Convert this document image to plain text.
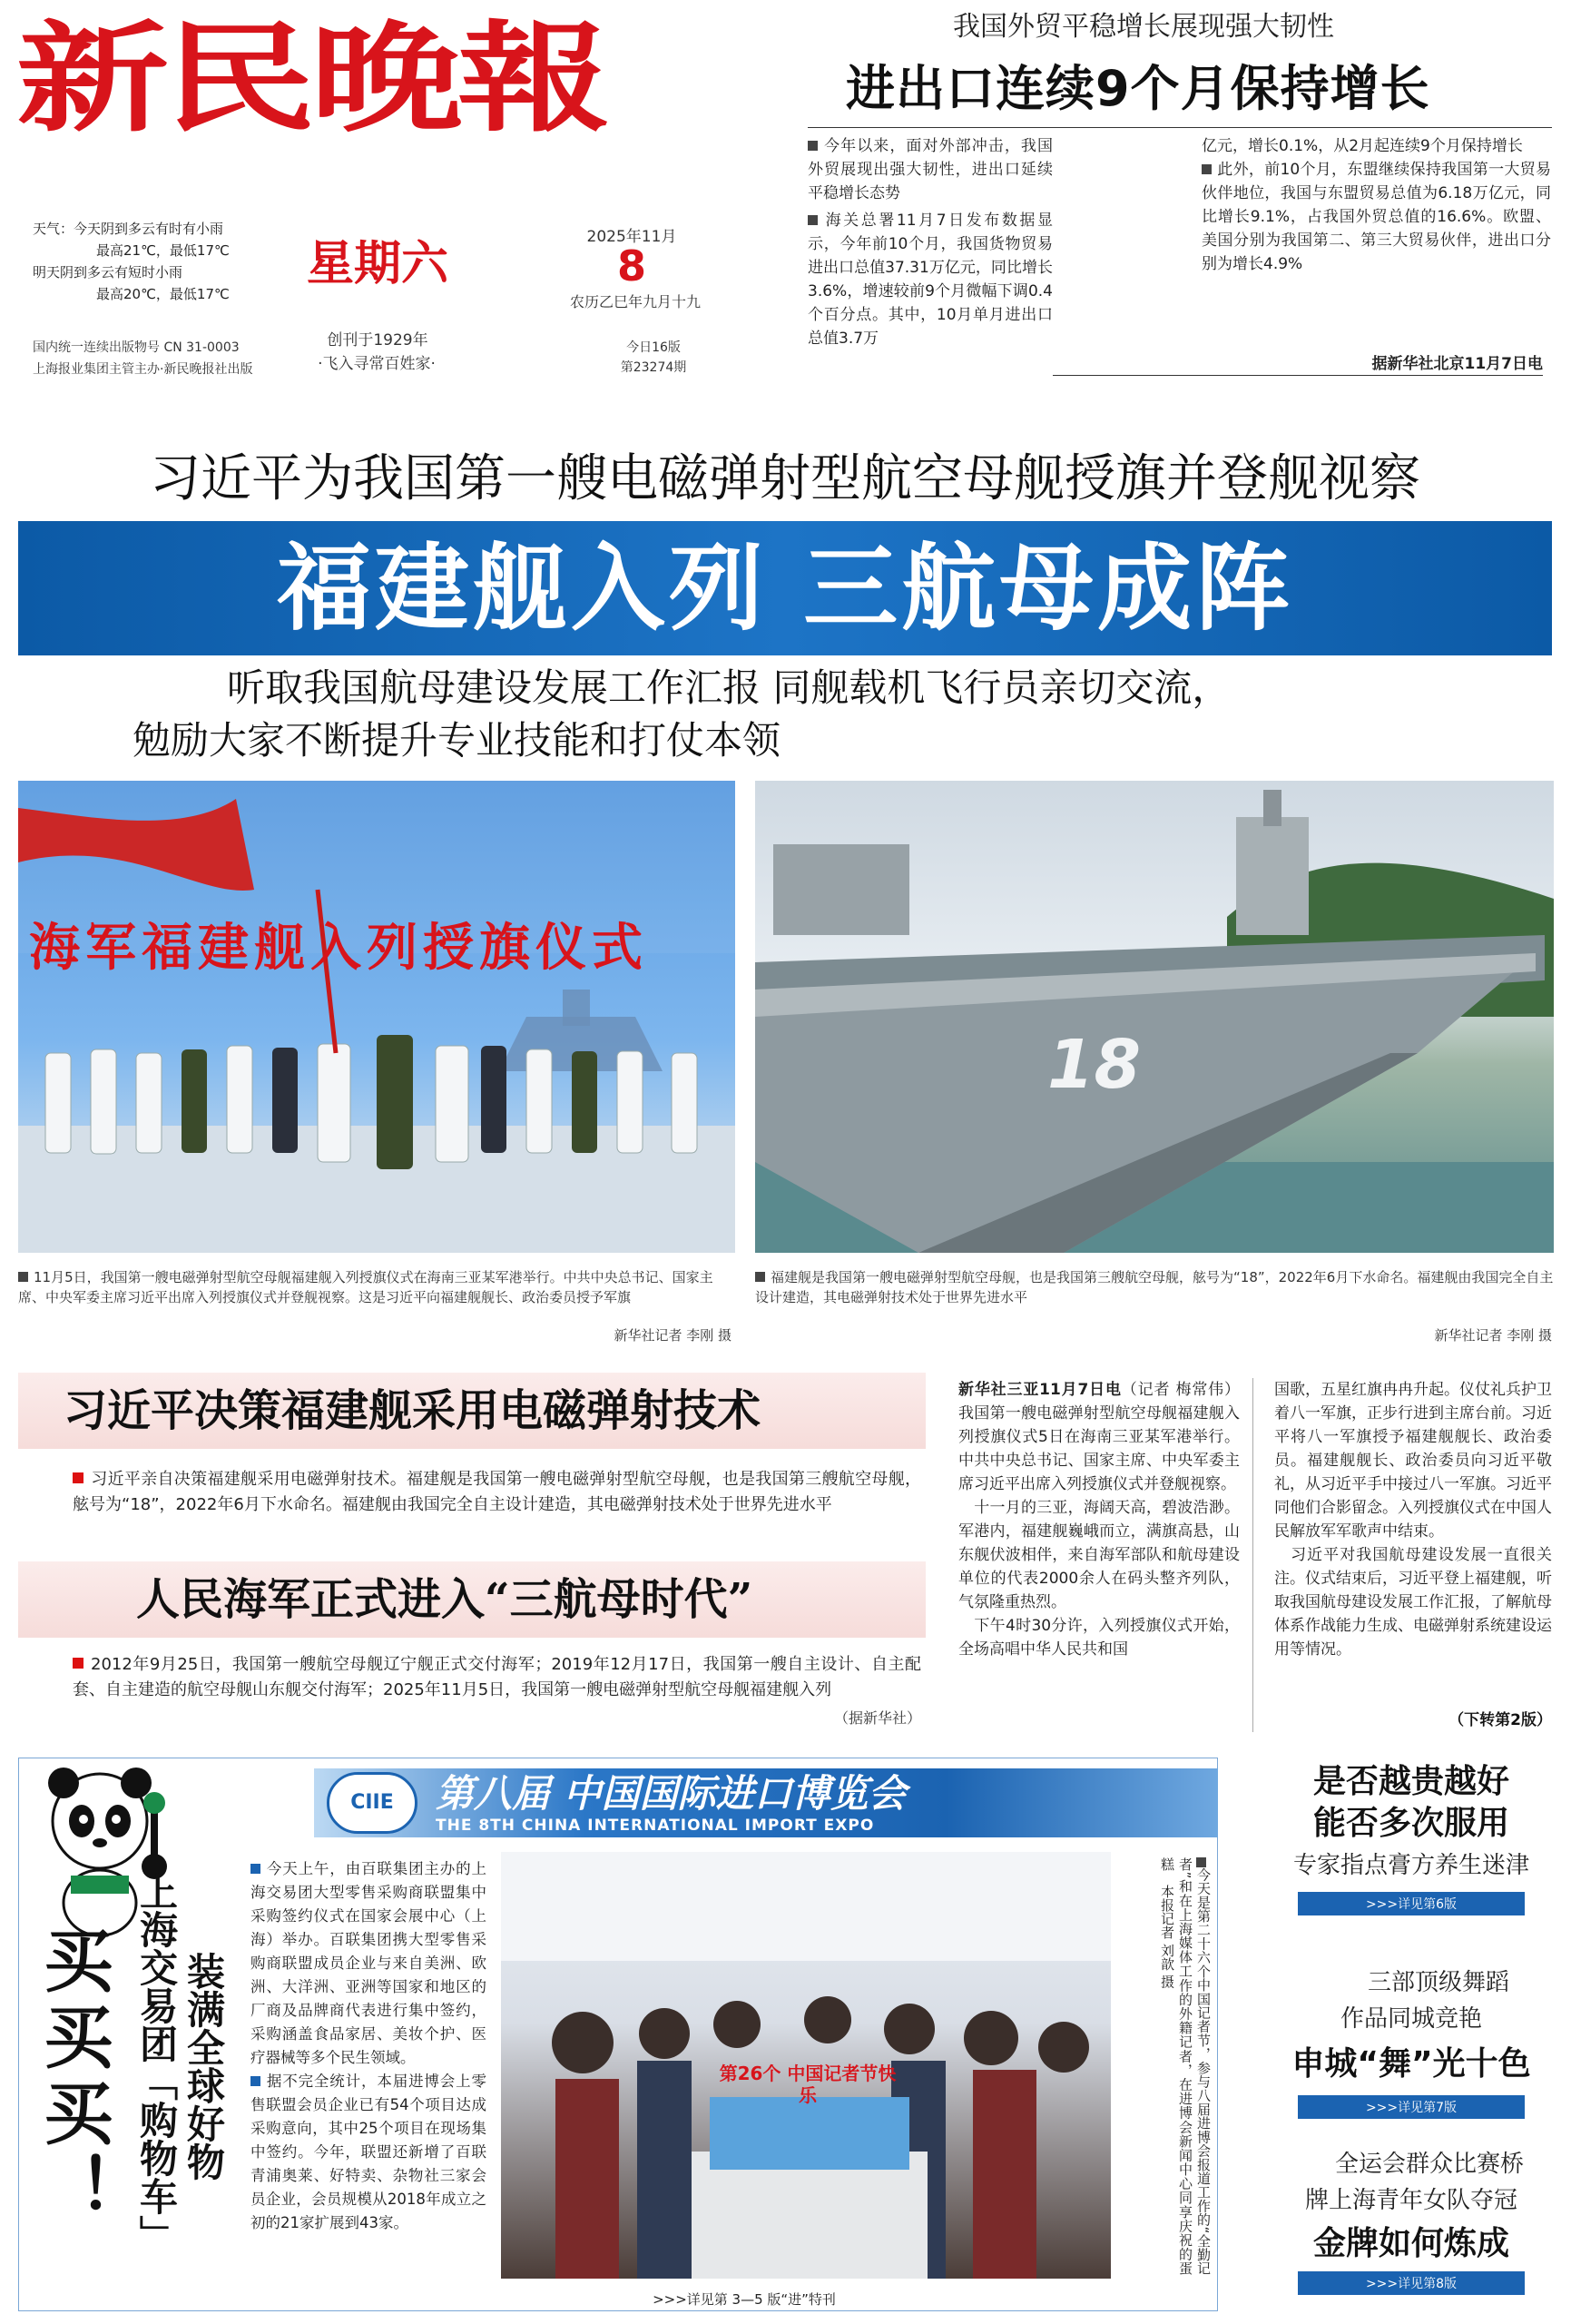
新民晚報
天气：今天阴到多云有时有小雨
最高21℃，最低17℃
明天阴到多云有短时小雨
最高20℃，最低17℃
星期六
创刊于1929年
·飞入寻常百姓家·
2025年11月
8
农历乙巳年九月十九
今日16版
第23274期
国内统一连续出版物号 CN 31-0003
上海报业集团主管主办·新民晚报社出版
我国外贸平稳增长展现强大韧性
进出口连续9个月保持增长
今年以来，面对外部冲击，我国外贸展现出强大韧性，进出口延续平稳增长态势
海关总署11月7日发布数据显示，今年前10个月，我国货物贸易进出口总值37.31万亿元，同比增长3.6%，增速较前9个月微幅下调0.4个百分点。其中，10月单月进出口总值3.7万
亿元，增长0.1%，从2月起连续9个月保持增长
此外，前10个月，东盟继续保持我国第一大贸易伙伴地位，我国与东盟贸易总值为6.18万亿元，同比增长9.1%，占我国外贸总值的16.6%。欧盟、美国分别为我国第二、第三大贸易伙伴，进出口分别为增长4.9%
据新华社北京11月7日电
习近平为我国第一艘电磁弹射型航空母舰授旗并登舰视察
福建舰入列 三航母成阵
听取我国航母建设发展工作汇报 同舰载机飞行员亲切交流，
勉励大家不断提升专业技能和打仗本领
海军福建舰入列授旗仪式
18
11月5日，我国第一艘电磁弹射型航空母舰福建舰入列授旗仪式在海南三亚某军港举行。中共中央总书记、国家主席、中央军委主席习近平出席入列授旗仪式并登舰视察。这是习近平向福建舰舰长、政治委员授予军旗
新华社记者 李刚 摄
福建舰是我国第一艘电磁弹射型航空母舰，也是我国第三艘航空母舰，舷号为“18”，2022年6月下水命名。福建舰由我国完全自主设计建造，其电磁弹射技术处于世界先进水平
新华社记者 李刚 摄
习近平决策福建舰采用电磁弹射技术
习近平亲自决策福建舰采用电磁弹射技术。福建舰是我国第一艘电磁弹射型航空母舰，也是我国第三艘航空母舰，舷号为“18”，2022年6月下水命名。福建舰由我国完全自主设计建造，其电磁弹射技术处于世界先进水平
人民海军正式进入“三航母时代”
2012年9月25日，我国第一艘航空母舰辽宁舰正式交付海军；2019年12月17日，我国第一艘自主设计、自主配套、自主建造的航空母舰山东舰交付海军；2025年11月5日，我国第一艘电磁弹射型航空母舰福建舰入列
（据新华社）
新华社三亚11月7日电（记者 梅常伟）我国第一艘电磁弹射型航空母舰福建舰入列授旗仪式5日在海南三亚某军港举行。中共中央总书记、国家主席、中央军委主席习近平出席入列授旗仪式并登舰视察。
 十一月的三亚，海阔天高，碧波浩渺。军港内，福建舰巍峨而立，满旗高悬，山东舰伏波相伴，来自海军部队和航母建设单位的代表2000余人在码头整齐列队，气氛隆重热烈。
 下午4时30分许，入列授旗仪式开始，全场高唱中华人民共和国
国歌，五星红旗冉冉升起。仪仗礼兵护卫着八一军旗，正步行进到主席台前。习近平将八一军旗授予福建舰舰长、政治委员。福建舰舰长、政治委员向习近平敬礼，从习近平手中接过八一军旗。习近平同他们合影留念。入列授旗仪式在中国人民解放军军歌声中结束。
 习近平对我国航母建设发展一直很关注。仪式结束后，习近平登上福建舰，听取我国航母建设发展工作汇报，了解航母体系作战能力生成、电磁弹射系统建设运用等情况。
（下转第2版）
CIIE	第八届 中国国际进口博览会
THE 8TH CHINA INTERNATIONAL IMPORT EXPO
买买买！ 上海交易团「购物车」 装满全球好物
今天上午，由百联集团主办的上海交易团大型零售采购商联盟集中采购签约仪式在国家会展中心（上海）举办。百联集团携大型零售采购商联盟成员企业与来自美洲、欧洲、大洋洲、亚洲等国家和地区的厂商及品牌商代表进行集中签约，采购涵盖食品家居、美妆个护、医疗器械等多个民生领域。
据不完全统计，本届进博会上零售联盟会员企业已有54个项目达成采购意向，其中25个项目在现场集中签约。今年，联盟还新增了百联青浦奥莱、好特卖、杂物社三家会员企业，会员规模从2018年成立之初的21家扩展到43家。
第26个 中国记者节快乐	今天是第二十六个中国记者节，参与八届进博会报道工作的“全勤记者”和在上海媒体工作的外籍记者，在进博会新闻中心同享庆祝的蛋糕 本报记者 刘歆 摄
>>>详见第 3—5 版“进”特刊
是否越贵越好
能否多次服用
专家指点膏方养生迷津
>>>详见第6版
三部顶级舞蹈
作品同城竞艳
申城“舞”光十色
>>>详见第7版
全运会群众比赛桥
牌上海青年女队夺冠
金牌如何炼成
>>>详见第8版
